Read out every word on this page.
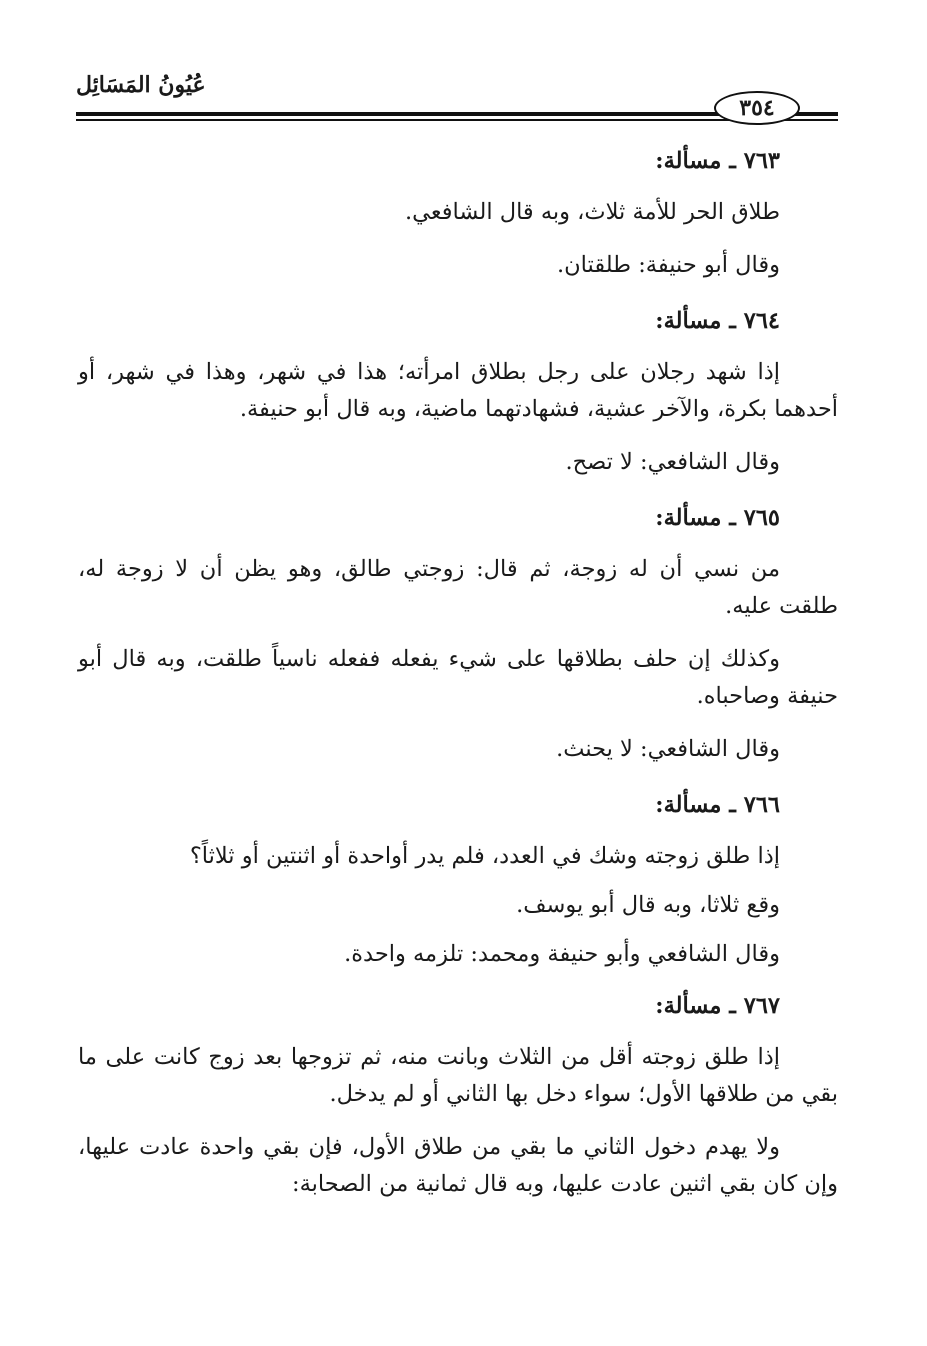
عُيُونُ المَسَائِل
٣٥٤
٧٦٣ ـ مسألة:

طلاق الحر للأمة ثلاث، وبه قال الشافعي.

وقال أبو حنيفة: طلقتان.

٧٦٤ ـ مسألة:

إذا شهد رجلان على رجل بطلاق امرأته؛ هذا في شهر، وهذا في شهر، أو أحدهما بكرة، والآخر عشية، فشهادتهما ماضية، وبه قال أبو حنيفة.

وقال الشافعي: لا تصح.

٧٦٥ ـ مسألة:

من نسي أن له زوجة، ثم قال: زوجتي طالق، وهو يظن أن لا زوجة له، طلقت عليه.

وكذلك إن حلف بطلاقها على شيء يفعله ففعله ناسياً طلقت، وبه قال أبو حنيفة وصاحباه.

وقال الشافعي: لا يحنث.

٧٦٦ ـ مسألة:

إذا طلق زوجته وشك في العدد، فلم يدر أواحدة أو اثنتين أو ثلاثاً؟

وقع ثلاثا، وبه قال أبو يوسف.

وقال الشافعي وأبو حنيفة ومحمد: تلزمه واحدة.

٧٦٧ ـ مسألة:

إذا طلق زوجته أقل من الثلاث وبانت منه، ثم تزوجها بعد زوج كانت على ما بقي من طلاقها الأول؛ سواء دخل بها الثاني أو لم يدخل.

ولا يهدم دخول الثاني ما بقي من طلاق الأول، فإن بقي واحدة عادت عليها، وإن كان بقي اثنين عادت عليها، وبه قال ثمانية من الصحابة:
